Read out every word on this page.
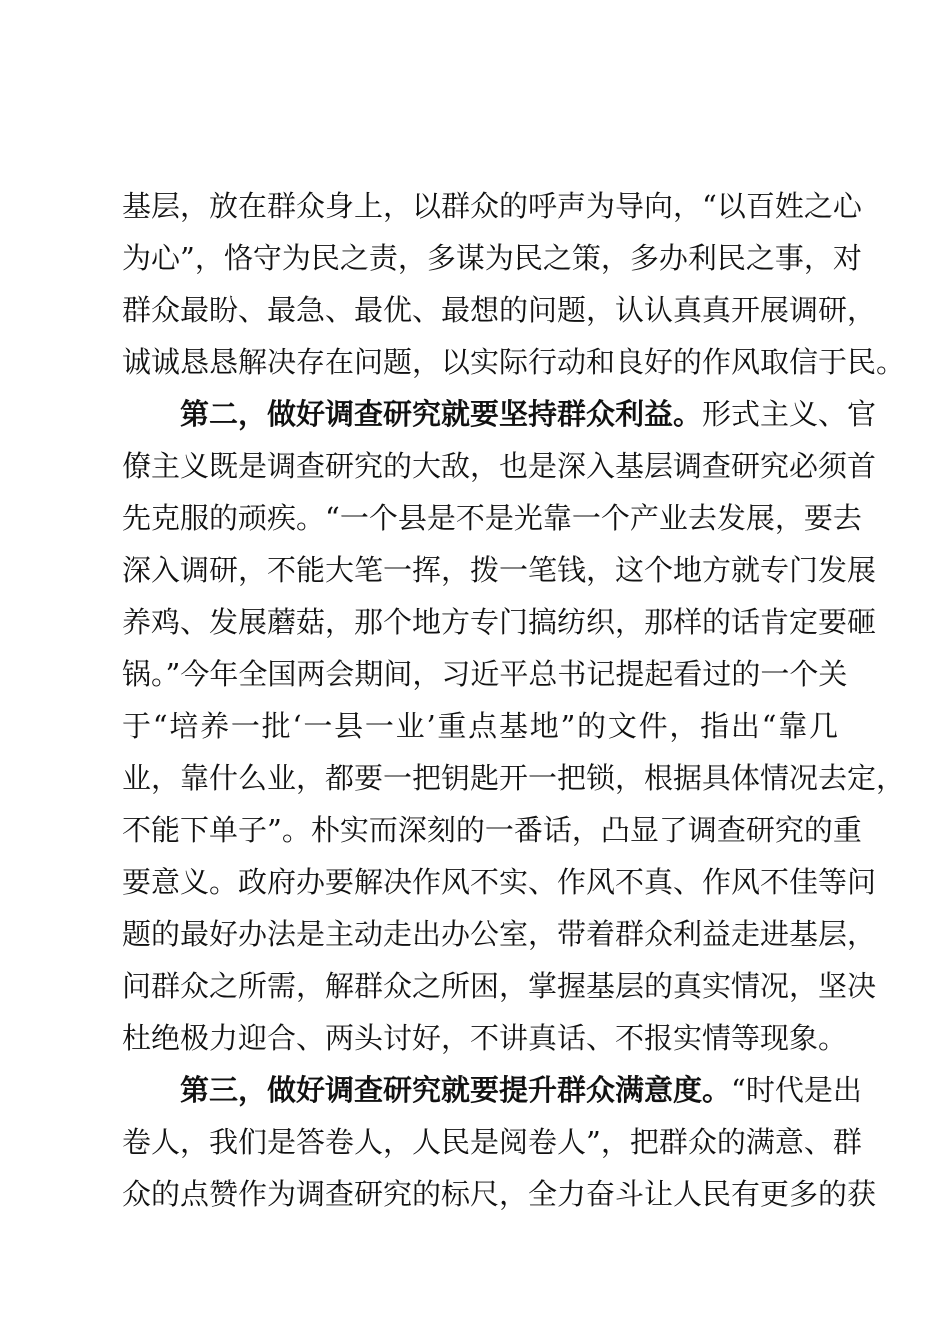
基层，放在群众身上，以群众的呼声为导向，“以百姓之心
为心”，恪守为民之责，多谋为民之策，多办利民之事，对
群众最盼、最急、最优、最想的问题，认认真真开展调研，
诚诚恳恳解决存在问题，以实际行动和良好的作风取信于民。
第二，做好调查研究就要坚持群众利益。 形式主义、官
僚主义既是调查研究的大敌，也是深入基层调查研究必须首
先克服的顽疾。“一个县是不是光靠一个产业去发展，要去
深入调研，不能大笔一挥，拨一笔钱，这个地方就专门发展
养鸡、发展蘑菇，那个地方专门搞纺织，那样的话肯定要砸
锅。”今年全国两会期间，习近平总书记提起看过的一个关
于“培养一批‘一县一业’重点基地”的文件，指出“靠几
业，靠什么业，都要一把钥匙开一把锁，根据具体情况去定，
不能下单子”。朴实而深刻的一番话，凸显了调查研究的重
要意义。政府办要解决作风不实、作风不真、作风不佳等问
题的最好办法是主动走出办公室，带着群众利益走进基层，
问群众之所需，解群众之所困，掌握基层的真实情况，坚决
杜绝极力迎合、两头讨好，不讲真话、不报实情等现象。
第三，做好调查研究就要提升群众满意度。 “时代是出
卷人，我们是答卷人，人民是阅卷人”，把群众的满意、群
众的点赞作为调查研究的标尺，全力奋斗让人民有更多的获
